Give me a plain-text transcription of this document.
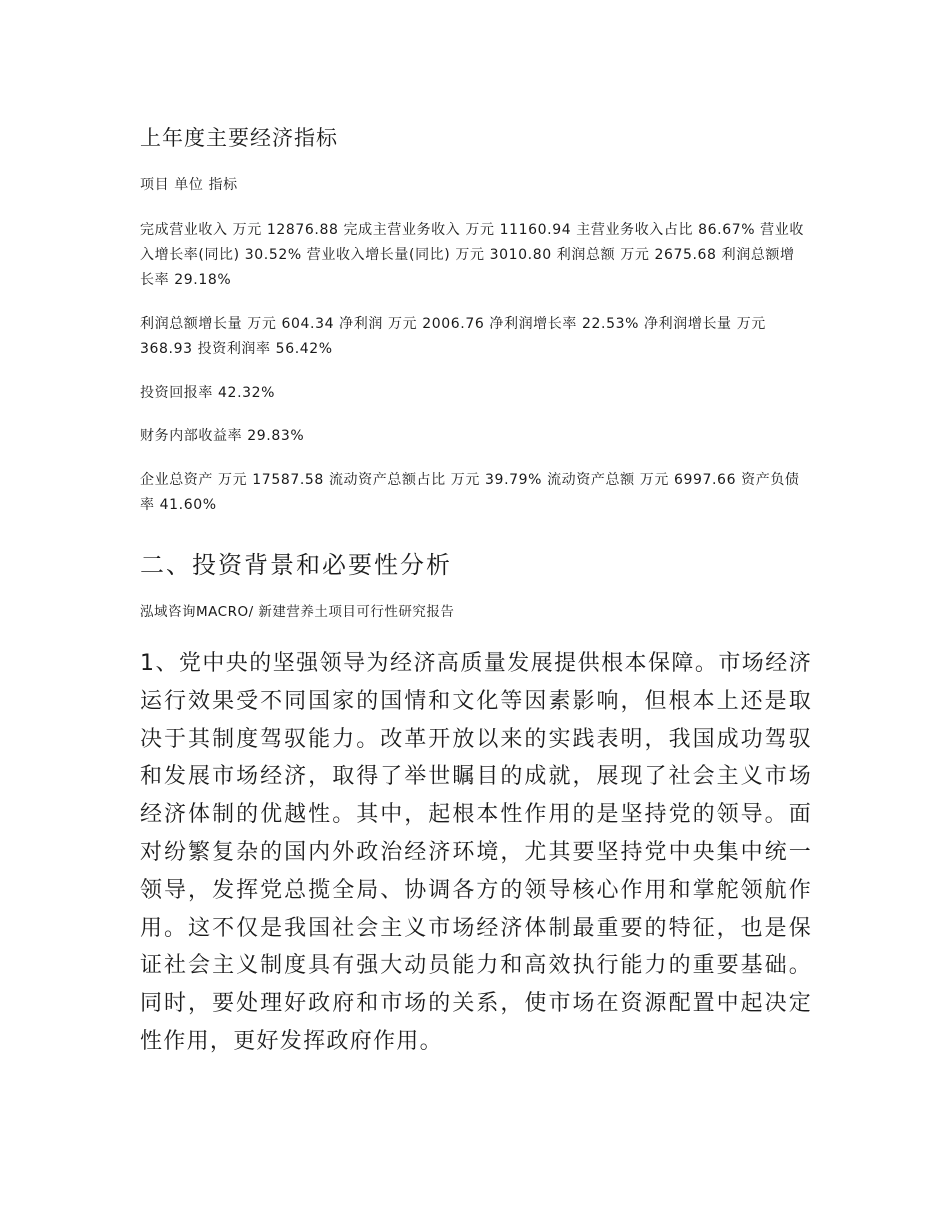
上年度主要经济指标
项目 单位 指标
完成营业收入 万元 12876.88 完成主营业务收入 万元 11160.94 主营业务收入占比 86.67% 营业收入增长率(同比) 30.52% 营业收入增长量(同比) 万元 3010.80 利润总额 万元 2675.68 利润总额增长率 29.18%
利润总额增长量 万元 604.34 净利润 万元 2006.76 净利润增长率 22.53% 净利润增长量 万元 368.93 投资利润率 56.42%
投资回报率 42.32%
财务内部收益率 29.83%
企业总资产 万元 17587.58 流动资产总额占比 万元 39.79% 流动资产总额 万元 6997.66 资产负债率 41.60%
二、投资背景和必要性分析
泓域咨询MACRO/ 新建营养土项目可行性研究报告
1、党中央的坚强领导为经济高质量发展提供根本保障。市场经济运行效果受不同国家的国情和文化等因素影响，但根本上还是取决于其制度驾驭能力。改革开放以来的实践表明，我国成功驾驭和发展市场经济，取得了举世瞩目的成就，展现了社会主义市场经济体制的优越性。其中，起根本性作用的是坚持党的领导。面对纷繁复杂的国内外政治经济环境，尤其要坚持党中央集中统一领导，发挥党总揽全局、协调各方的领导核心作用和掌舵领航作用。这不仅是我国社会主义市场经济体制最重要的特征，也是保证社会主义制度具有强大动员能力和高效执行能力的重要基础。同时，要处理好政府和市场的关系，使市场在资源配置中起决定性作用，更好发挥政府作用。
